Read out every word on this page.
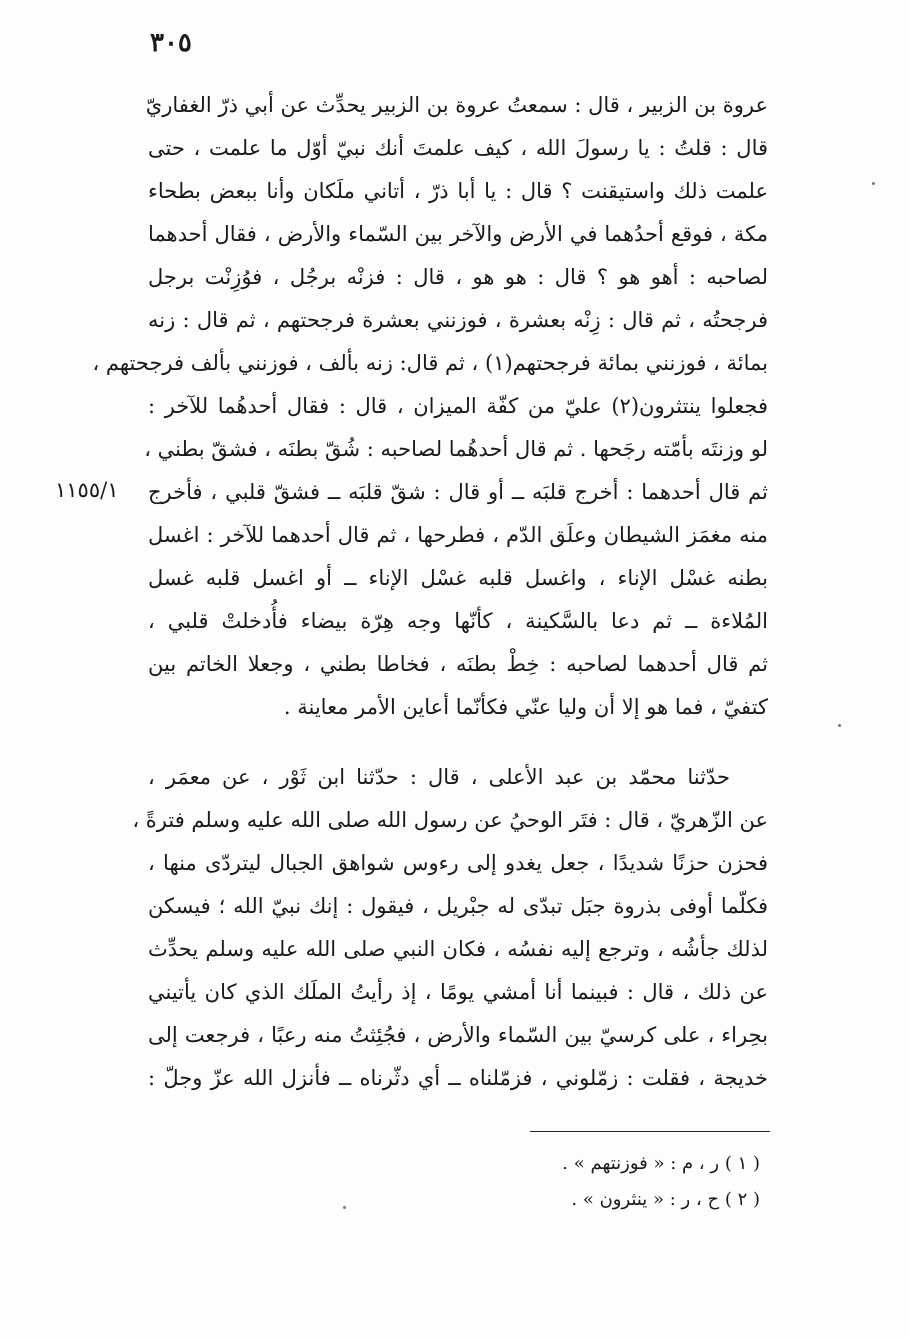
٣٠٥
١١٥٥/١
عروة بن الزبير ، قال : سمعتُ عروة بن الزبير يحدِّث عن أبي ذرّ الغفاريّ
قال : قلتُ : يا رسولَ الله ، كيف علمتَ أنك نبيّ أوّل ما علمت ، حتى
علمت ذلك واستيقنت ؟ قال : يا أبا ذرّ ، أتاني ملَكان وأنا ببعض بطحاء
مكة ، فوقع أحدُهما في الأرض والآخر بين السّماء والأرض ، فقال أحدهما
لصاحبه : أهو هو ؟ قال : هو هو ، قال : فزنْه برجُل ، فوُزِنْت برجل
فرجحتُه ، ثم قال : زِنْه بعشرة ، فوزنني بعشرة فرجحتهم ، ثم قال : زنه
بمائة ، فوزنني بمائة فرجحتهم(١) ، ثم قال: زنه بألف ، فوزنني بألف فرجحتهم ،
فجعلوا ينتثرون(٢) عليّ من كفّة الميزان ، قال : فقال أحدهُما للآخر :
لو وزنتَه بأمّته رجَحها . ثم قال أحدهُما لصاحبه : شُقّ بطنَه ، فشقّ بطني ،
ثم قال أحدهما : أخرج قلبَه ــ أو قال : شقّ قلبَه ــ فشقّ قلبي ، فأخرج
منه مغمَز الشيطان وعلَق الدّم ، فطرحها ، ثم قال أحدهما للآخر : اغسل
بطنه غسْل الإناء ، واغسل قلبه غسْل الإناء ــ أو اغسل قلبه غسل
المُلاءة ــ ثم دعا بالسَّكينة ، كأنّها وجه هِرّة بيضاء فأُدخلتْ قلبي ،
ثم قال أحدهما لصاحبه : خِطْ بطنَه ، فخاطا بطني ، وجعلا الخاتم بين
كتفيّ ، فما هو إلا أن وليا عنّي فكأنّما أعاين الأمر معاينة .
حدّثنا محمّد بن عبد الأعلى ، قال : حدّثنا ابن ثَوْر ، عن معمَر ،
عن الزّهريّ ، قال : فتَر الوحيُ عن رسول الله صلى الله عليه وسلم فترةً ،
فحزن حزنًا شديدًا ، جعل يغدو إلى رءوس شواهق الجبال ليتردّى منها ،
فكلّما أوفى بذروة جبَل تبدّى له جبْريل ، فيقول : إنك نبيّ الله ؛ فيسكن
لذلك جأشُه ، وترجع إليه نفسُه ، فكان النبي صلى الله عليه وسلم يحدِّث
عن ذلك ، قال : فبينما أنا أمشي يومًا ، إذ رأيتُ الملَك الذي كان يأتيني
بحِراء ، على كرسيّ بين السّماء والأرض ، فجُئِثتُ منه رعبًا ، فرجعت إلى
خديجة ، فقلت : زمّلوني ، فزمّلناه ــ أي دثّرناه ــ فأنزل الله عزّ وجلّ :
( ١ ) ر ، م : « فوزنتهم » .
( ٢ ) ح ، ر : « ينثرون » .
